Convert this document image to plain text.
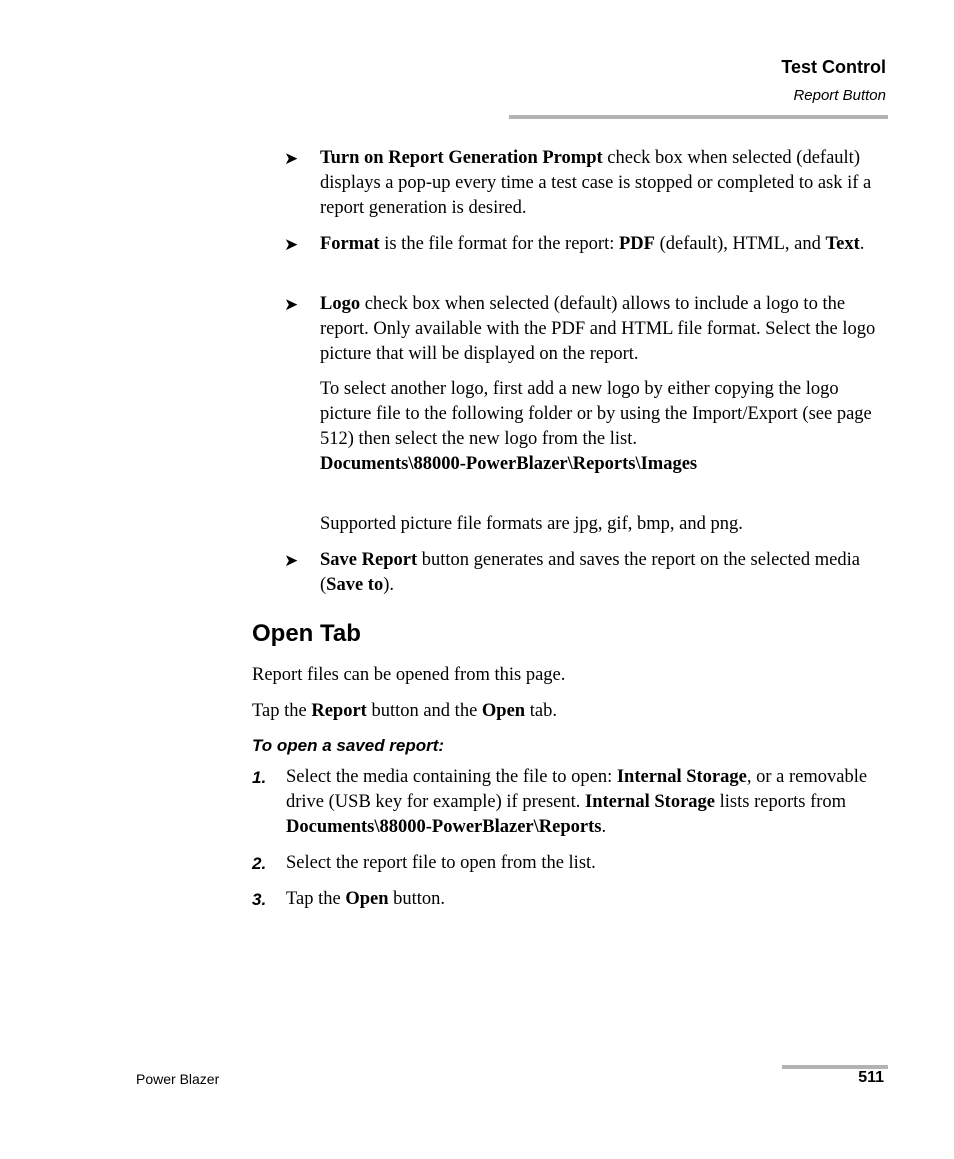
Test Control
Report Button
➤ Turn on Report Generation Prompt check box when selected (default) displays a pop-up every time a test case is stopped or completed to ask if a report generation is desired.
➤ Format is the file format for the report: PDF (default), HTML, and Text.
➤ Logo check box when selected (default) allows to include a logo to the report. Only available with the PDF and HTML file format. Select the logo picture that will be displayed on the report.
To select another logo, first add a new logo by either copying the logo picture file to the following folder or by using the Import/Export (see page 512) then select the new logo from the list.
Documents\88000-PowerBlazer\Reports\Images
Supported picture file formats are jpg, gif, bmp, and png.
➤ Save Report button generates and saves the report on the selected media (Save to).
Open Tab
Report files can be opened from this page.
Tap the Report button and the Open tab.
To open a saved report:
1. Select the media containing the file to open: Internal Storage, or a removable drive (USB key for example) if present. Internal Storage lists reports from Documents\88000-PowerBlazer\Reports.
2. Select the report file to open from the list.
3. Tap the Open button.
Power Blazer	511
